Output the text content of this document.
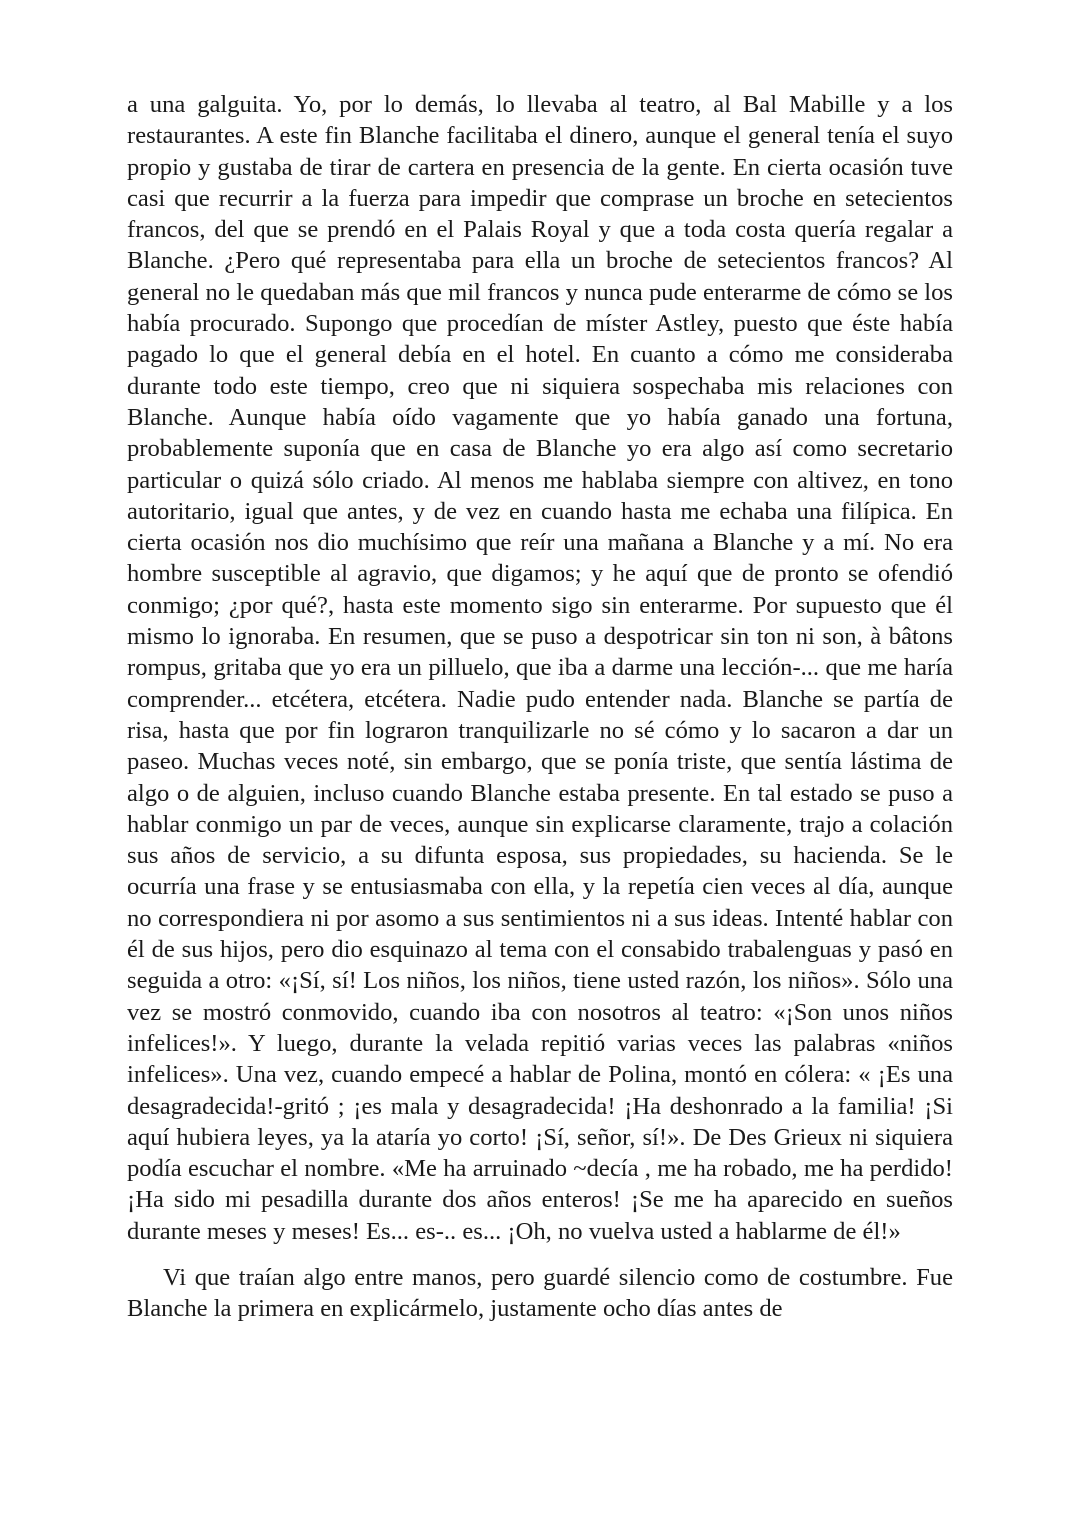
a una galguita. Yo, por lo demás, lo llevaba al teatro, al Bal Mabille y a los restaurantes. A este fin Blanche facilitaba el dinero, aunque el general tenía el suyo propio y gustaba de tirar de cartera en presencia de la gente. En cierta ocasión tuve casi que recurrir a la fuerza para impedir que comprase un broche en setecientos francos, del que se prendó en el Palais Royal y que a toda costa quería regalar a Blanche. ¿Pero qué representaba para ella un broche de setecientos francos? Al general no le quedaban más que mil francos y nunca pude enterarme de cómo se los había procurado. Supongo que procedían de míster Astley, puesto que éste había pagado lo que el general debía en el hotel. En cuanto a cómo me consideraba durante todo este tiempo, creo que ni siquiera sospechaba mis relaciones con Blanche. Aunque había oído vagamente que yo había ganado una fortuna, probablemente suponía que en casa de Blanche yo era algo así como secretario particular o quizá sólo criado. Al menos me hablaba siempre con altivez, en tono autoritario, igual que antes, y de vez en cuando hasta me echaba una filípica. En cierta ocasión nos dio muchísimo que reír una mañana a Blanche y a mí. No era hombre susceptible al agravio, que digamos; y he aquí que de pronto se ofendió conmigo; ¿por qué?, hasta este momento sigo sin enterarme. Por supuesto que él mismo lo ignoraba. En resumen, que se puso a despotricar sin ton ni son, à bâtons rompus, gritaba que yo era un pilluelo, que iba a darme una lección-... que me haría comprender... etcétera, etcétera. Nadie pudo entender nada. Blanche se partía de risa, hasta que por fin lograron tranquilizarle no sé cómo y lo sacaron a dar un paseo. Muchas veces noté, sin embargo, que se ponía triste, que sentía lástima de algo o de alguien, incluso cuando Blanche estaba presente. En tal estado se puso a hablar conmigo un par de veces, aunque sin explicarse claramente, trajo a colación sus años de servicio, a su difunta esposa, sus propiedades, su hacienda. Se le ocurría una frase y se entusiasmaba con ella, y la repetía cien veces al día, aunque no correspondiera ni por asomo a sus sentimientos ni a sus ideas. Intenté hablar con él de sus hijos, pero dio esquinazo al tema con el consabido trabalenguas y pasó en seguida a otro: «¡Sí, sí! Los niños, los niños, tiene usted razón, los niños». Sólo una vez se mostró conmovido, cuando iba con nosotros al teatro: «¡Son unos niños infelices!». Y luego, durante la velada repitió varias veces las palabras «niños infelices». Una vez, cuando empecé a hablar de Polina, montó en cólera: « ¡Es una desagradecida!-gritó ; ¡es mala y desagradecida! ¡Ha deshonrado a la familia! ¡Si aquí hubiera leyes, ya la ataría yo corto! ¡Sí, señor, sí!». De Des Grieux ni siquiera podía escuchar el nombre. «Me ha arruinado ~decía , me ha robado, me ha perdido! ¡Ha sido mi pesadilla durante dos años enteros! ¡Se me ha aparecido en sueños durante meses y meses! Es... es-.. es... ¡Oh, no vuelva usted a hablarme de él!»

Vi que traían algo entre manos, pero guardé silencio como de costumbre. Fue Blanche la primera en explicármelo, justamente ocho días antes de
